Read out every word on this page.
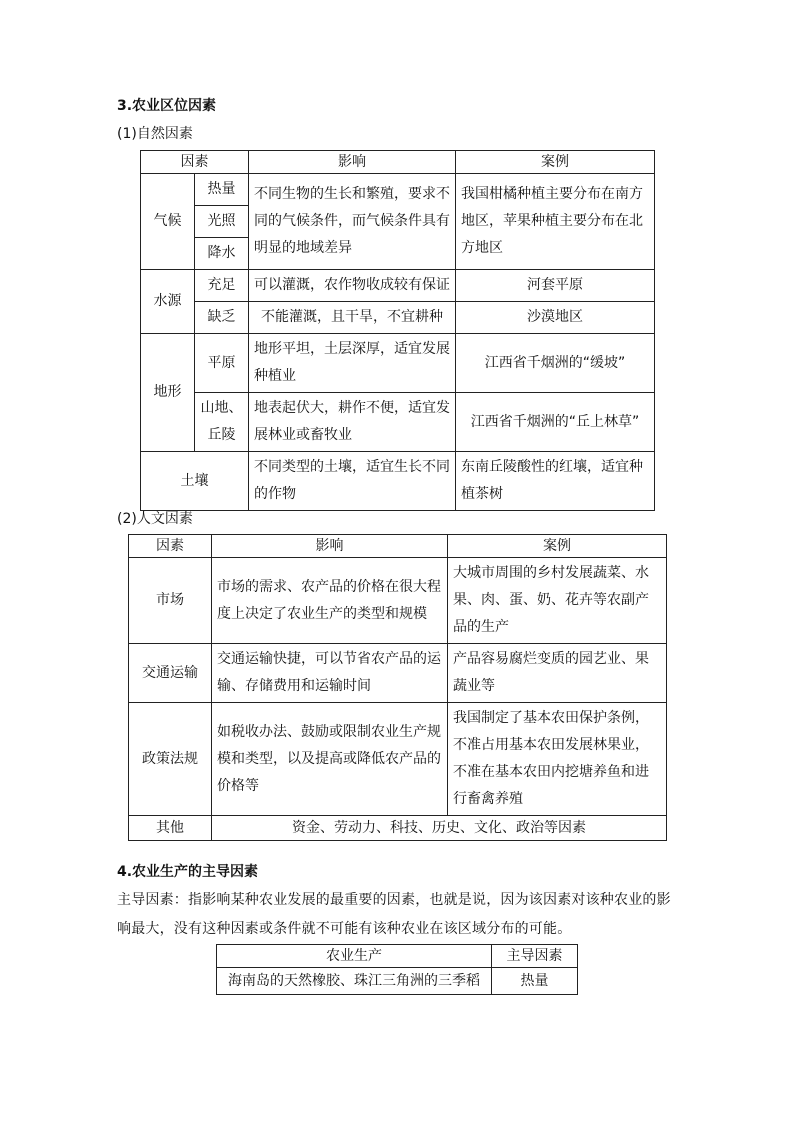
3.农业区位因素
(1)自然因素
因素		影响	案例
气候	热量	不同生物的生长和繁殖，要求不同的气候条件，而气候条件具有明显的地域差异	我国柑橘种植主要分布在南方地区，苹果种植主要分布在北方地区
	光照		
	降水		
水源	充足	可以灌溉，农作物收成较有保证	河套平原
	缺乏	不能灌溉，且干旱，不宜耕种	沙漠地区
地形	平原	地形平坦，土层深厚，适宜发展种植业	江西省千烟洲的“缓坡”
	山地、丘陵	地表起伏大，耕作不便，适宜发展林业或畜牧业	江西省千烟洲的“丘上林草”
土壤		不同类型的土壤，适宜生长不同的作物	东南丘陵酸性的红壤，适宜种植茶树
(2)人文因素
因素	影响	案例
市场	市场的需求、农产品的价格在很大程度上决定了农业生产的类型和规模	大城市周围的乡村发展蔬菜、水果、肉、蛋、奶、花卉等农副产品的生产
交通运输	交通运输快捷，可以节省农产品的运输、存储费用和运输时间	产品容易腐烂变质的园艺业、果蔬业等
政策法规	如税收办法、鼓励或限制农业生产规模和类型，以及提高或降低农产品的价格等	我国制定了基本农田保护条例，不准占用基本农田发展林果业，不准在基本农田内挖塘养鱼和进行畜禽养殖
其他	资金、劳动力、科技、历史、文化、政治等因素	
4.农业生产的主导因素
主导因素：指影响某种农业发展的最重要的因素，也就是说，因为该因素对该种农业的影响最大，没有这种因素或条件就不可能有该种农业在该区域分布的可能。
农业生产	主导因素
海南岛的天然橡胶、珠江三角洲的三季稻	热量
